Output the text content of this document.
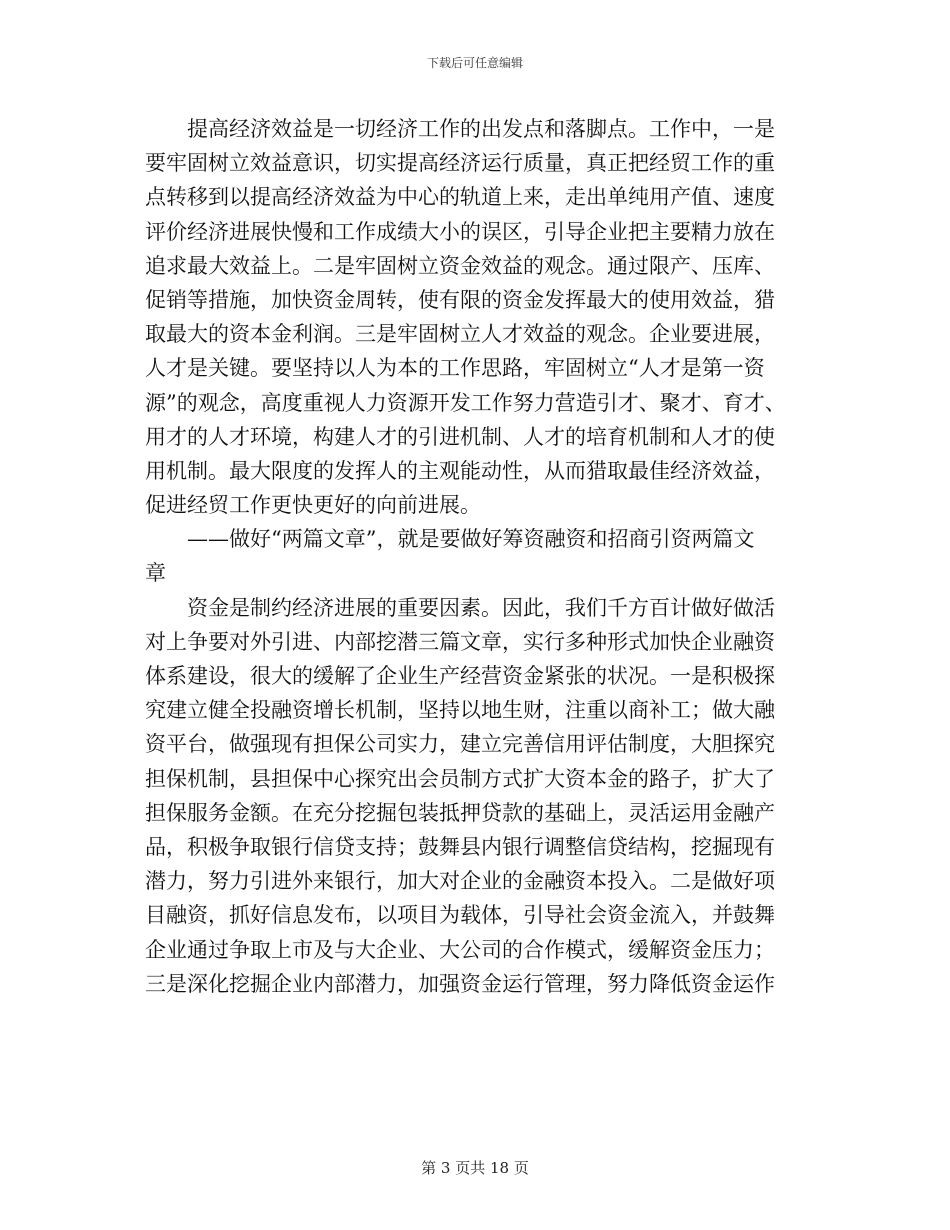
下载后可任意编辑

　　提高经济效益是一切经济工作的出发点和落脚点。工作中，一是
要牢固树立效益意识，切实提高经济运行质量，真正把经贸工作的重
点转移到以提高经济效益为中心的轨道上来，走出单纯用产值、速度
评价经济进展快慢和工作成绩大小的误区，引导企业把主要精力放在
追求最大效益上。二是牢固树立资金效益的观念。通过限产、压库、
促销等措施，加快资金周转，使有限的资金发挥最大的使用效益，猎
取最大的资本金利润。三是牢固树立人才效益的观念。企业要进展，
人才是关键。要坚持以人为本的工作思路，牢固树立“人才是第一资
源”的观念，高度重视人力资源开发工作努力营造引才、聚才、育才、
用才的人才环境，构建人才的引进机制、人才的培育机制和人才的使
用机制。最大限度的发挥人的主观能动性，从而猎取最佳经济效益，
促进经贸工作更快更好的向前进展。

　　——做好“两篇文章”，就是要做好筹资融资和招商引资两篇文
章

　　资金是制约经济进展的重要因素。因此，我们千方百计做好做活
对上争要对外引进、内部挖潜三篇文章，实行多种形式加快企业融资
体系建设，很大的缓解了企业生产经营资金紧张的状况。一是积极探
究建立健全投融资增长机制，坚持以地生财，注重以商补工；做大融
资平台，做强现有担保公司实力，建立完善信用评估制度，大胆探究
担保机制，县担保中心探究出会员制方式扩大资本金的路子，扩大了
担保服务金额。在充分挖掘包装抵押贷款的基础上，灵活运用金融产
品，积极争取银行信贷支持；鼓舞县内银行调整信贷结构，挖掘现有
潜力，努力引进外来银行，加大对企业的金融资本投入。二是做好项
目融资，抓好信息发布，以项目为载体，引导社会资金流入，并鼓舞
企业通过争取上市及与大企业、大公司的合作模式，缓解资金压力；
三是深化挖掘企业内部潜力，加强资金运行管理，努力降低资金运作

第 3 页共 18 页
